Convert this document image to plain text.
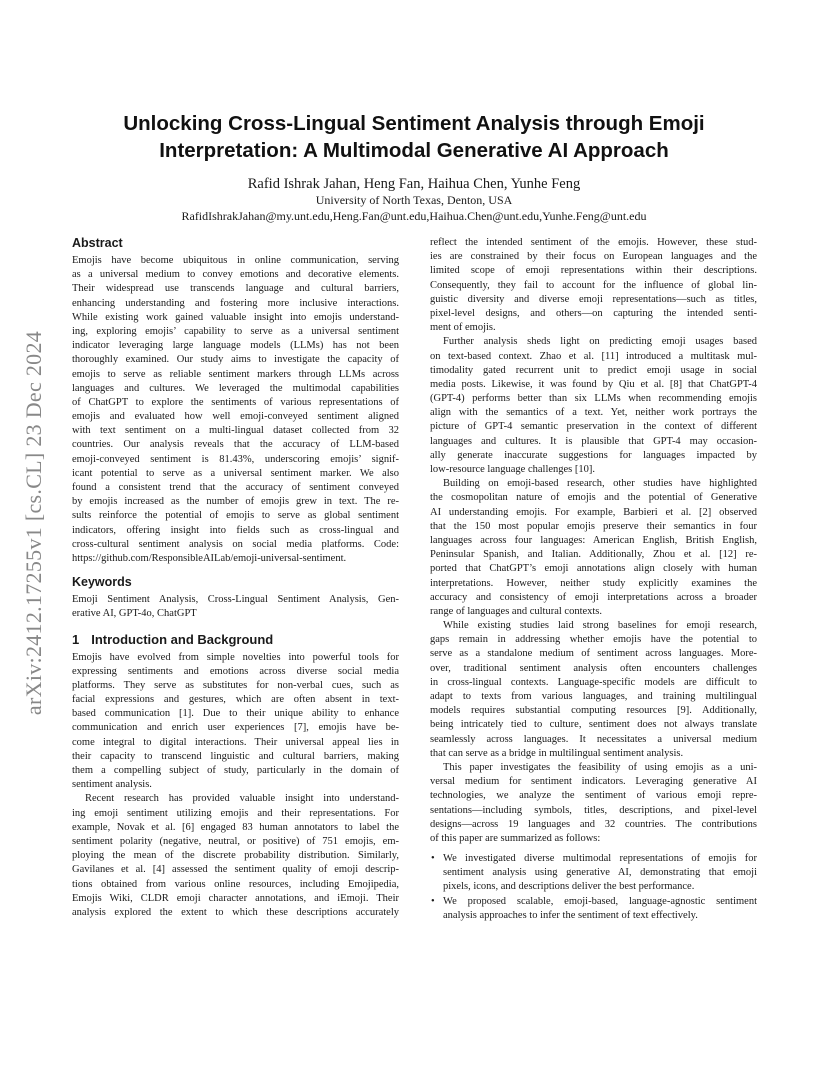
arXiv:2412.17255v1 [cs.CL] 23 Dec 2024
Unlocking Cross-Lingual Sentiment Analysis through Emoji
Interpretation: A Multimodal Generative AI Approach
Rafid Ishrak Jahan, Heng Fan, Haihua Chen, Yunhe Feng
University of North Texas, Denton, USA
RafidIshrakJahan@my.unt.edu,Heng.Fan@unt.edu,Haihua.Chen@unt.edu,Yunhe.Feng@unt.edu
Abstract
Emojis have become ubiquitous in online communication, serving
as a universal medium to convey emotions and decorative elements.
Their widespread use transcends language and cultural barriers,
enhancing understanding and fostering more inclusive interactions.
While existing work gained valuable insight into emojis understand-
ing, exploring emojis’ capability to serve as a universal sentiment
indicator leveraging large language models (LLMs) has not been
thoroughly examined. Our study aims to investigate the capacity of
emojis to serve as reliable sentiment markers through LLMs across
languages and cultures. We leveraged the multimodal capabilities
of ChatGPT to explore the sentiments of various representations of
emojis and evaluated how well emoji-conveyed sentiment aligned
with text sentiment on a multi-lingual dataset collected from 32
countries. Our analysis reveals that the accuracy of LLM-based
emoji-conveyed sentiment is 81.43%, underscoring emojis’ signif-
icant potential to serve as a universal sentiment marker. We also
found a consistent trend that the accuracy of sentiment conveyed
by emojis increased as the number of emojis grew in text. The re-
sults reinforce the potential of emojis to serve as global sentiment
indicators, offering insight into fields such as cross-lingual and
cross-cultural sentiment analysis on social media platforms. Code:
https://github.com/ResponsibleAILab/emoji-universal-sentiment.
Keywords
Emoji Sentiment Analysis, Cross-Lingual Sentiment Analysis, Gen-
erative AI, GPT-4o, ChatGPT
1 Introduction and Background
Emojis have evolved from simple novelties into powerful tools for
expressing sentiments and emotions across diverse social media
platforms. They serve as substitutes for non-verbal cues, such as
facial expressions and gestures, which are often absent in text-
based communication [1]. Due to their unique ability to enhance
communication and enrich user experiences [7], emojis have be-
come integral to digital interactions. Their universal appeal lies in
their capacity to transcend linguistic and cultural barriers, making
them a compelling subject of study, particularly in the domain of
sentiment analysis.
Recent research has provided valuable insight into understand-
ing emoji sentiment utilizing emojis and their representations. For
example, Novak et al. [6] engaged 83 human annotators to label the
sentiment polarity (negative, neutral, or positive) of 751 emojis, em-
ploying the mean of the discrete probability distribution. Similarly,
Gavilanes et al. [4] assessed the sentiment quality of emoji descrip-
tions obtained from various online resources, including Emojipedia,
Emojis Wiki, CLDR emoji character annotations, and iEmoji. Their
analysis explored the extent to which these descriptions accurately
reflect the intended sentiment of the emojis. However, these stud-
ies are constrained by their focus on European languages and the
limited scope of emoji representations within their descriptions.
Consequently, they fail to account for the influence of global lin-
guistic diversity and diverse emoji representations—such as titles,
pixel-level designs, and others—on capturing the intended senti-
ment of emojis.
Further analysis sheds light on predicting emoji usages based
on text-based context. Zhao et al. [11] introduced a multitask mul-
timodality gated recurrent unit to predict emoji usage in social
media posts. Likewise, it was found by Qiu et al. [8] that ChatGPT-4
(GPT-4) performs better than six LLMs when recommending emojis
align with the semantics of a text. Yet, neither work portrays the
picture of GPT-4 semantic preservation in the context of different
languages and cultures. It is plausible that GPT-4 may occasion-
ally generate inaccurate suggestions for languages impacted by
low-resource language challenges [10].
Building on emoji-based research, other studies have highlighted
the cosmopolitan nature of emojis and the potential of Generative
AI understanding emojis. For example, Barbieri et al. [2] observed
that the 150 most popular emojis preserve their semantics in four
languages across four languages: American English, British English,
Peninsular Spanish, and Italian. Additionally, Zhou et al. [12] re-
ported that ChatGPT’s emoji annotations align closely with human
interpretations. However, neither study explicitly examines the
accuracy and consistency of emoji interpretations across a broader
range of languages and cultural contexts.
While existing studies laid strong baselines for emoji research,
gaps remain in addressing whether emojis have the potential to
serve as a standalone medium of sentiment across languages. More-
over, traditional sentiment analysis often encounters challenges
in cross-lingual contexts. Language-specific models are difficult to
adapt to texts from various languages, and training multilingual
models requires substantial computing resources [9]. Additionally,
being intricately tied to culture, sentiment does not always translate
seamlessly across languages. It necessitates a universal medium
that can serve as a bridge in multilingual sentiment analysis.
This paper investigates the feasibility of using emojis as a uni-
versal medium for sentiment indicators. Leveraging generative AI
technologies, we analyze the sentiment of various emoji repre-
sentations—including symbols, titles, descriptions, and pixel-level
designs—across 19 languages and 32 countries. The contributions
of this paper are summarized as follows:
• We investigated diverse multimodal representations of emojis for
sentiment analysis using generative AI, demonstrating that emoji
pixels, icons, and descriptions deliver the best performance.
• We proposed scalable, emoji-based, language-agnostic sentiment
analysis approaches to infer the sentiment of text effectively.
